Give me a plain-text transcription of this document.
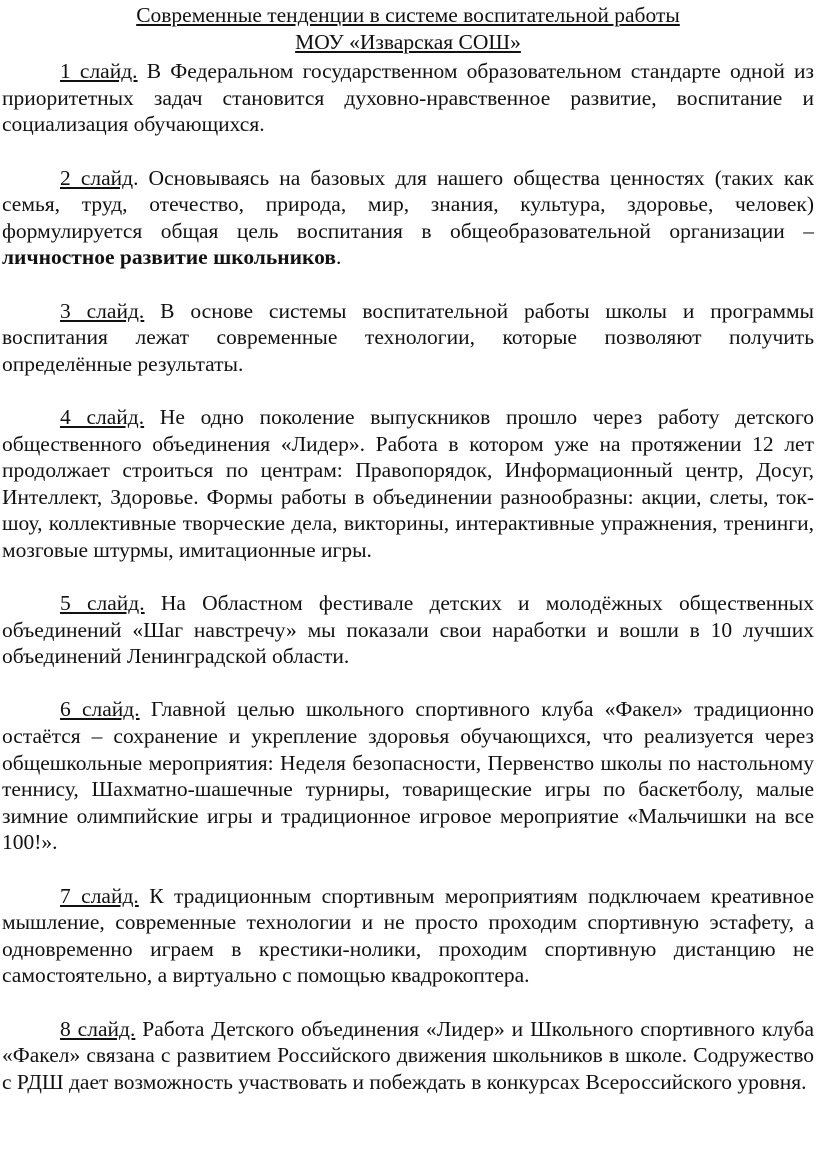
Современные тенденции в системе воспитательной работы

МОУ «Изварская СОШ»

1 слайд. В Федеральном государственном образовательном стандарте одной из приоритетных задач становится духовно-нравственное развитие, воспитание и социализация обучающихся.

2 слайд. Основываясь на базовых для нашего общества ценностях (таких как семья, труд, отечество, природа, мир, знания, культура, здоровье, человек) формулируется общая цель воспитания в общеобразовательной организации – личностное развитие школьников.

3 слайд. В основе системы воспитательной работы школы и программы воспитания лежат современные технологии, которые позволяют получить определённые результаты.

4 слайд. Не одно поколение выпускников прошло через работу детского общественного объединения «Лидер». Работа в котором уже на протяжении 12 лет продолжает строиться по центрам: Правопорядок, Информационный центр, Досуг, Интеллект, Здоровье. Формы работы в объединении разнообразны: акции, слеты, ток-шоу, коллективные творческие дела, викторины, интерактивные упражнения, тренинги, мозговые штурмы, имитационные игры.

5 слайд. На Областном фестивале детских и молодёжных общественных объединений «Шаг навстречу» мы показали свои наработки и вошли в 10 лучших объединений Ленинградской области.

6 слайд. Главной целью школьного спортивного клуба «Факел» традиционно остаётся – сохранение и укрепление здоровья обучающихся, что реализуется через общешкольные мероприятия: Неделя безопасности, Первенство школы по настольному теннису, Шахматно-шашечные турниры, товарищеские игры по баскетболу, малые зимние олимпийские игры и традиционное игровое мероприятие «Мальчишки на все 100!».

7 слайд. К традиционным спортивным мероприятиям подключаем креативное мышление, современные технологии и не просто проходим спортивную эстафету, а одновременно играем в крестики-нолики, проходим спортивную дистанцию не самостоятельно, а виртуально с помощью квадрокоптера.

8 слайд. Работа Детского объединения «Лидер» и Школьного спортивного клуба «Факел» связана с развитием Российского движения школьников в школе. Содружество с РДШ дает возможность участвовать и побеждать в конкурсах Всероссийского уровня.
